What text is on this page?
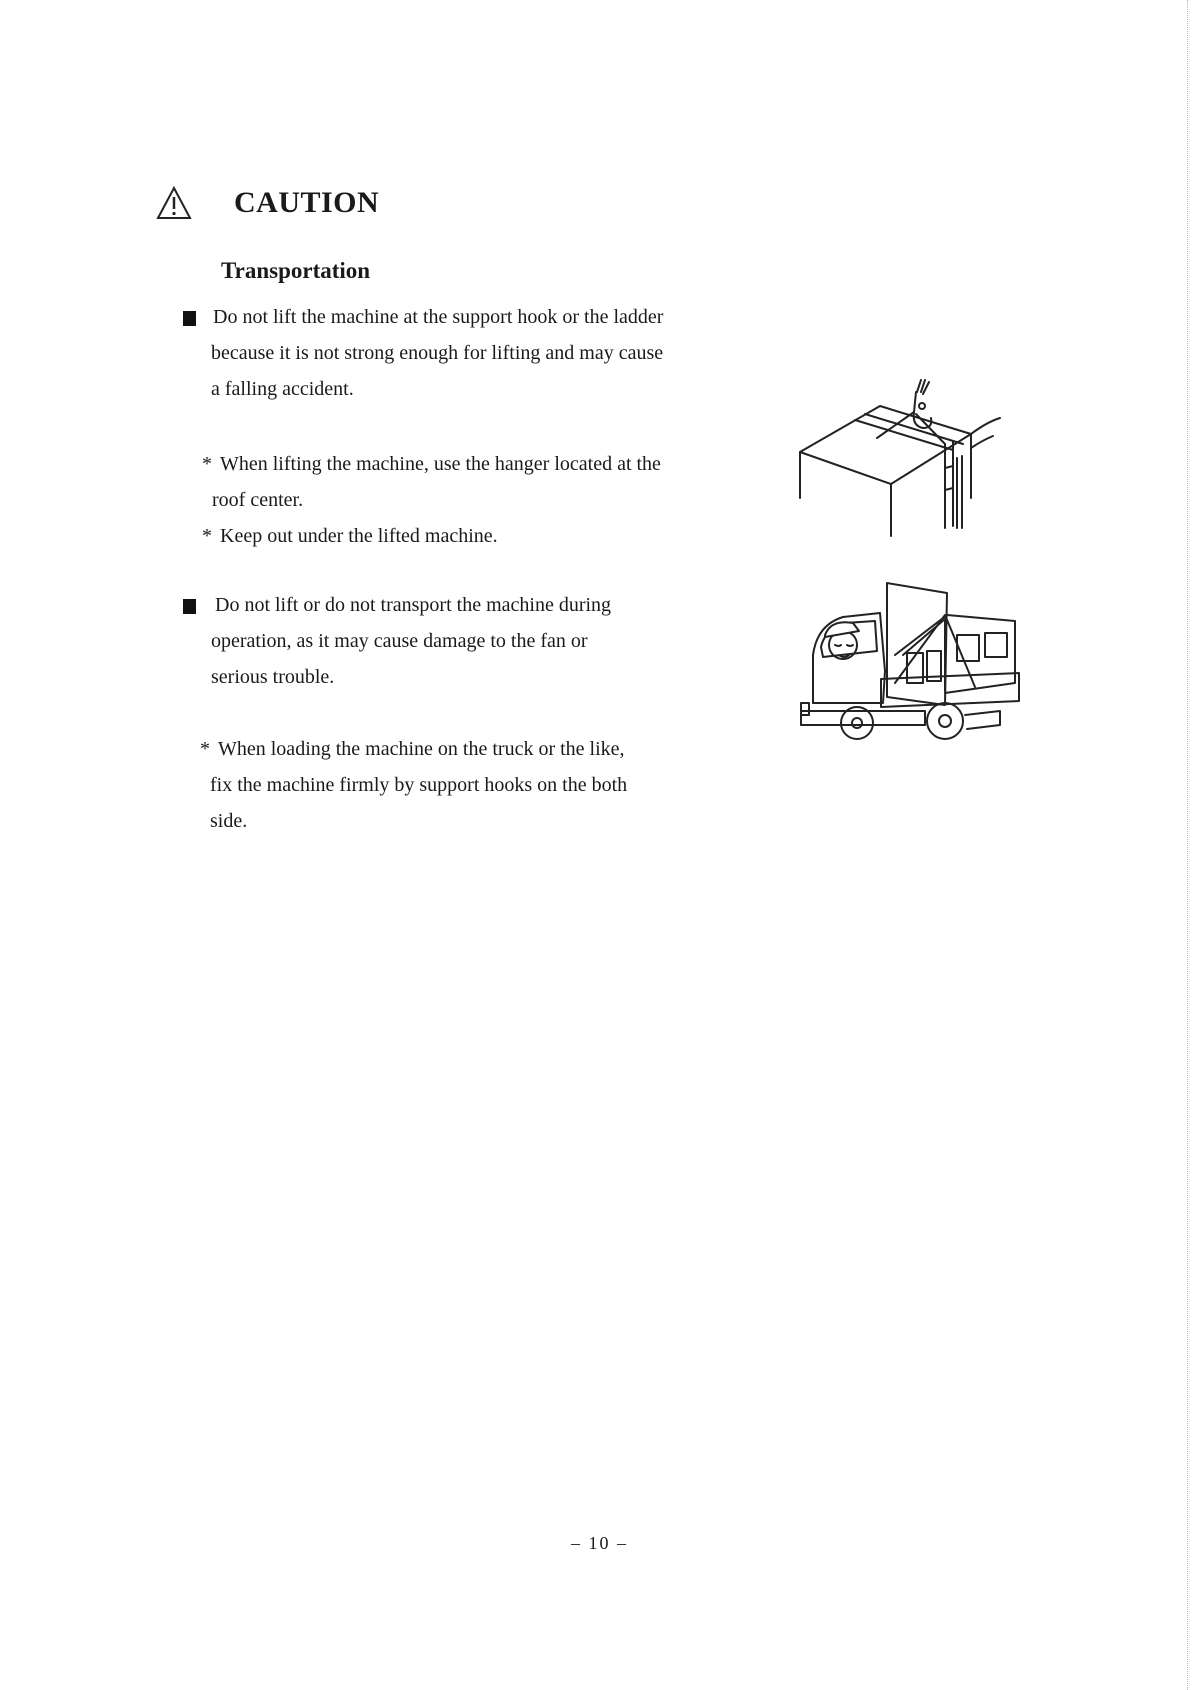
CAUTION
Transportation
Do not lift the machine at the support hook or the ladder
because it is not strong enough for lifting and may cause
a falling accident.
* When lifting the machine, use the hanger located at the
roof center.
* Keep out under the lifted machine.
Do not lift or do not transport the machine during
operation, as it may cause damage to the fan or
serious trouble.
* When loading the machine on the truck or the like,
fix the machine firmly by support hooks on the both
side.
– 10 –
